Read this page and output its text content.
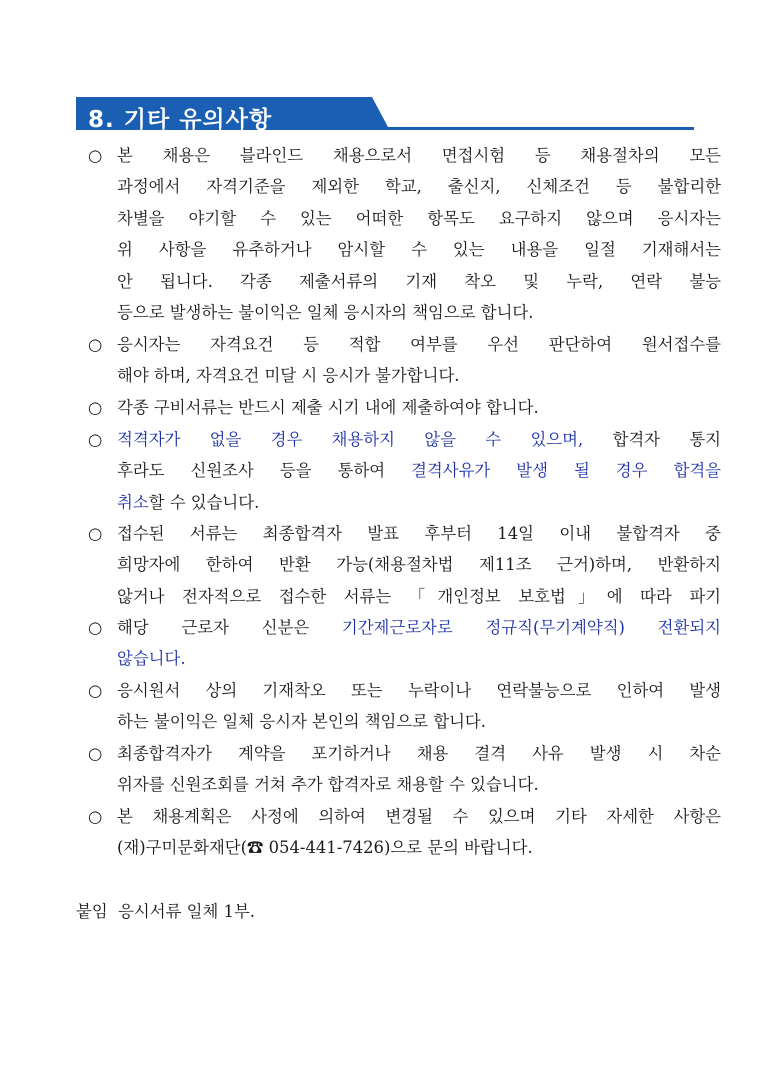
8. 기타 유의사항
○ 본 채용은 블라인드 채용으로서 면접시험 등 채용절차의 모든
과정에서 자격기준을 제외한 학교, 출신지, 신체조건 등 불합리한
차별을 야기할 수 있는 어떠한 항목도 요구하지 않으며 응시자는
위 사항을 유추하거나 암시할 수 있는 내용을 일절 기재해서는
안 됩니다. 각종 제출서류의 기재 착오 및 누락, 연락 불능
등으로 발생하는 불이익은 일체 응시자의 책임으로 합니다.
○ 응시자는 자격요건 등 적합 여부를 우선 판단하여 원서접수를
해야 하며, 자격요건 미달 시 응시가 불가합니다.
○ 각종 구비서류는 반드시 제출 시기 내에 제출하여야 합니다.
○ 적격자가 없을 경우 채용하지 않을 수 있으며, 합격자 통지
후라도 신원조사 등을 통하여 결격사유가 발생 될 경우 합격을
취소할 수 있습니다.
○ 접수된 서류는 최종합격자 발표 후부터 14일 이내 불합격자 중
희망자에 한하여 반환 가능(채용절차법 제11조 근거)하며, 반환하지
않거나 전자적으로 접수한 서류는 「개인정보 보호법」에 따라 파기
○ 해당 근로자 신분은 기간제근로자로 정규직(무기계약직) 전환되지
않습니다.
○ 응시원서 상의 기재착오 또는 누락이나 연락불능으로 인하여 발생
하는 불이익은 일체 응시자 본인의 책임으로 합니다.
○ 최종합격자가 계약을 포기하거나 채용 결격 사유 발생 시 차순
위자를 신원조회를 거쳐 추가 합격자로 채용할 수 있습니다.
○ 본 채용계획은 사정에 의하여 변경될 수 있으며 기타 자세한 사항은
(재)구미문화재단(☎ 054-441-7426)으로 문의 바랍니다.
붙임 응시서류 일체 1부.
